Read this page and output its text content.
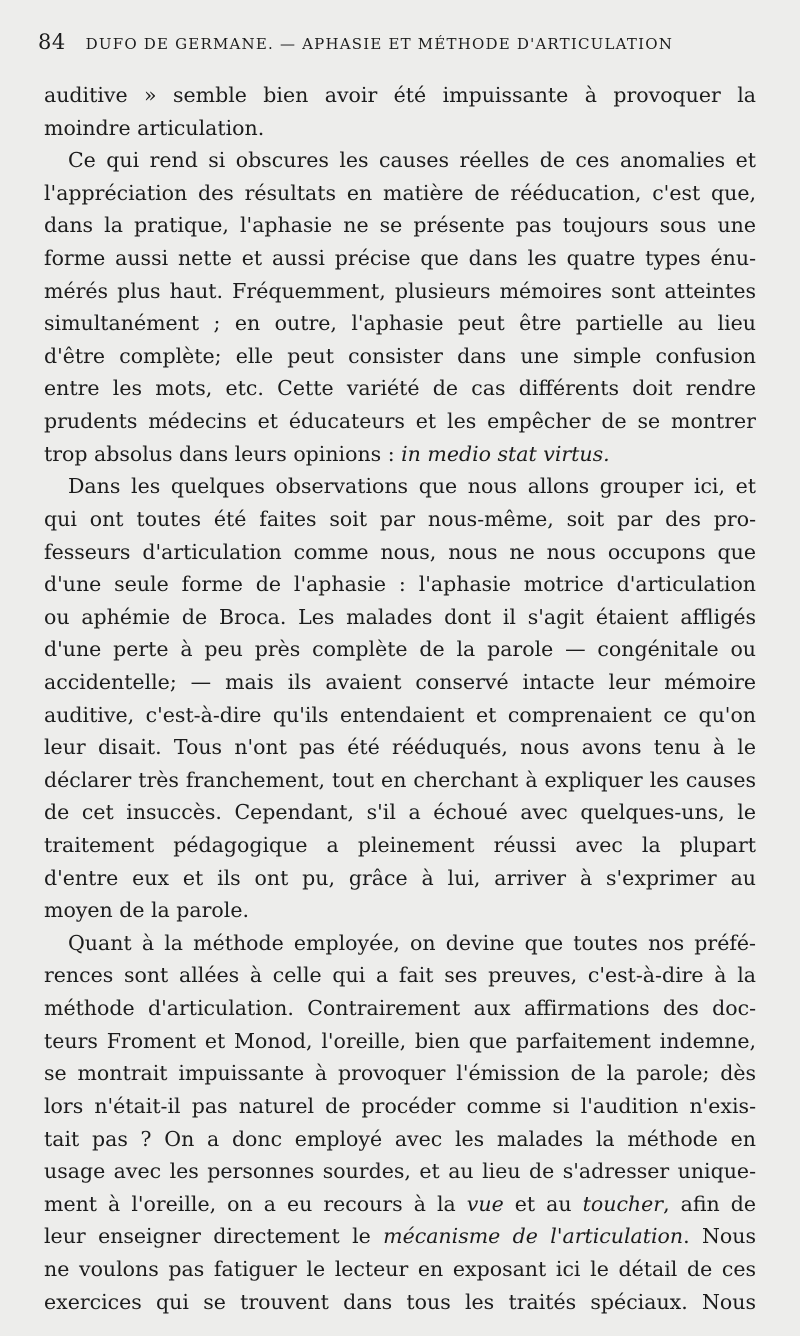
84 DUFO DE GERMANE. — APHASIE ET MÉTHODE D'ARTICULATION
auditive » semble bien avoir été impuissante à provoquer la
moindre articulation.
Ce qui rend si obscures les causes réelles de ces anomalies et
l'appréciation des résultats en matière de rééducation, c'est que,
dans la pratique, l'aphasie ne se présente pas toujours sous une
forme aussi nette et aussi précise que dans les quatre types énu-
mérés plus haut. Fréquemment, plusieurs mémoires sont atteintes
simultanément ; en outre, l'aphasie peut être partielle au lieu
d'être complète; elle peut consister dans une simple confusion
entre les mots, etc. Cette variété de cas différents doit rendre
prudents médecins et éducateurs et les empêcher de se montrer
trop absolus dans leurs opinions : in medio stat virtus.
Dans les quelques observations que nous allons grouper ici, et
qui ont toutes été faites soit par nous-même, soit par des pro-
fesseurs d'articulation comme nous, nous ne nous occupons que
d'une seule forme de l'aphasie : l'aphasie motrice d'articulation
ou aphémie de Broca. Les malades dont il s'agit étaient affligés
d'une perte à peu près complète de la parole — congénitale ou
accidentelle; — mais ils avaient conservé intacte leur mémoire
auditive, c'est-à-dire qu'ils entendaient et comprenaient ce qu'on
leur disait. Tous n'ont pas été rééduqués, nous avons tenu à le
déclarer très franchement, tout en cherchant à expliquer les causes
de cet insuccès. Cependant, s'il a échoué avec quelques-uns, le
traitement pédagogique a pleinement réussi avec la plupart
d'entre eux et ils ont pu, grâce à lui, arriver à s'exprimer au
moyen de la parole.
Quant à la méthode employée, on devine que toutes nos préfé-
rences sont allées à celle qui a fait ses preuves, c'est-à-dire à la
méthode d'articulation. Contrairement aux affirmations des doc-
teurs Froment et Monod, l'oreille, bien que parfaitement indemne,
se montrait impuissante à provoquer l'émission de la parole; dès
lors n'était-il pas naturel de procéder comme si l'audition n'exis-
tait pas ? On a donc employé avec les malades la méthode en
usage avec les personnes sourdes, et au lieu de s'adresser unique-
ment à l'oreille, on a eu recours à la vue et au toucher, afin de
leur enseigner directement le mécanisme de l'articulation. Nous
ne voulons pas fatiguer le lecteur en exposant ici le détail de ces
exercices qui se trouvent dans tous les traités spéciaux. Nous
